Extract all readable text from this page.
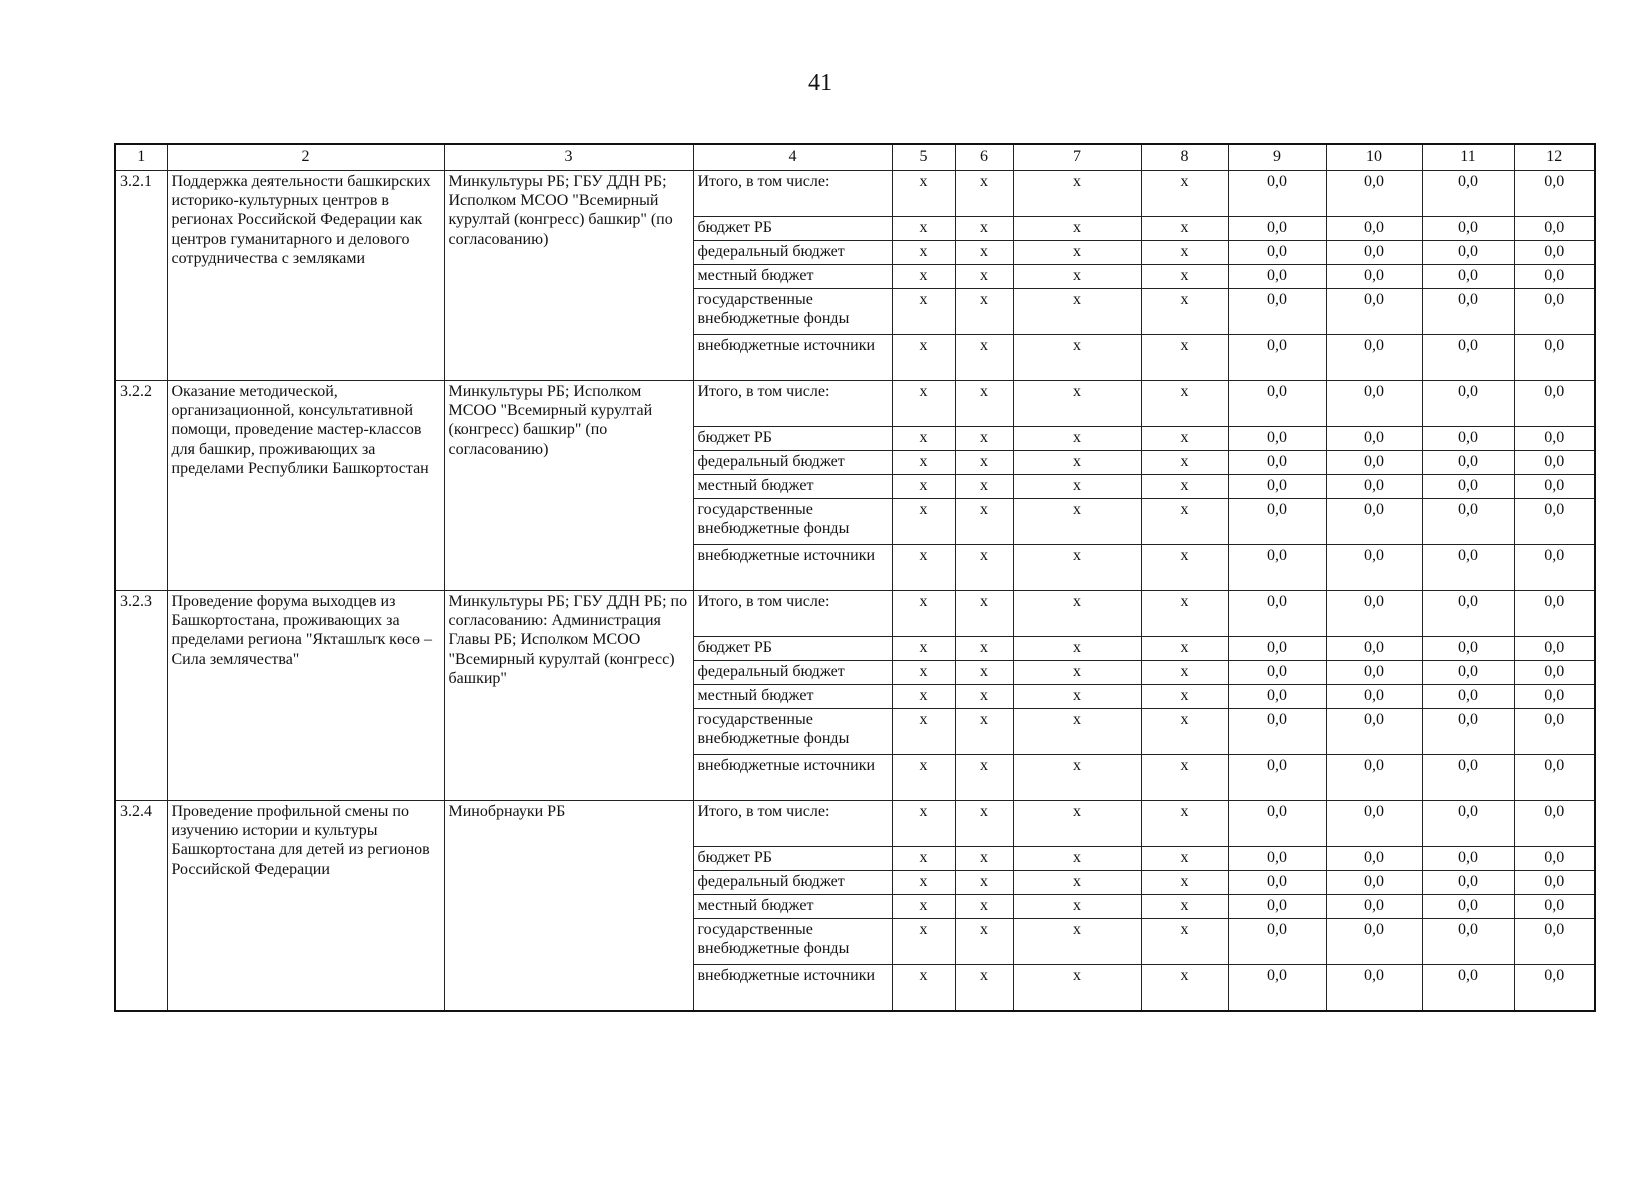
41
1	2	3	4	5	6	7	8	9	10	11	12
3.2.1	Поддержка деятельности башкирских историко-культурных центров в регионах Российской Федерации как центров гуманитарного и делового сотрудничества с земляками	Минкультуры РБ; ГБУ ДДН РБ; Исполком МСОО "Всемирный курултай (конгресс) башкир" (по согласованию)	Итого, в том числе:	x	x	x	x	0,0	0,0	0,0	0,0
			бюджет РБ	x	x	x	x	0,0	0,0	0,0	0,0
			федеральный бюджет	x	x	x	x	0,0	0,0	0,0	0,0
			местный бюджет	x	x	x	x	0,0	0,0	0,0	0,0
			государственные внебюджетные фонды	x	x	x	x	0,0	0,0	0,0	0,0
			внебюджетные источники	x	x	x	x	0,0	0,0	0,0	0,0
3.2.2	Оказание методической, организационной, консультативной помощи, проведение мастер-классов для башкир, проживающих за пределами Республики Башкортостан	Минкультуры РБ; Исполком МСОО "Всемирный курултай (конгресс) башкир" (по согласованию)	Итого, в том числе:	x	x	x	x	0,0	0,0	0,0	0,0
			бюджет РБ	x	x	x	x	0,0	0,0	0,0	0,0
			федеральный бюджет	x	x	x	x	0,0	0,0	0,0	0,0
			местный бюджет	x	x	x	x	0,0	0,0	0,0	0,0
			государственные внебюджетные фонды	x	x	x	x	0,0	0,0	0,0	0,0
			внебюджетные источники	x	x	x	x	0,0	0,0	0,0	0,0
3.2.3	Проведение форума выходцев из Башкортостана, проживающих за пределами региона "Якташлыҡ көсө – Сила землячества"	Минкультуры РБ; ГБУ ДДН РБ; по согласованию: Администрация Главы РБ; Исполком МСОО "Всемирный курултай (конгресс) башкир"	Итого, в том числе:	x	x	x	x	0,0	0,0	0,0	0,0
			бюджет РБ	x	x	x	x	0,0	0,0	0,0	0,0
			федеральный бюджет	x	x	x	x	0,0	0,0	0,0	0,0
			местный бюджет	x	x	x	x	0,0	0,0	0,0	0,0
			государственные внебюджетные фонды	x	x	x	x	0,0	0,0	0,0	0,0
			внебюджетные источники	x	x	x	x	0,0	0,0	0,0	0,0
3.2.4	Проведение профильной смены по изучению истории и культуры Башкортостана для детей из регионов Российской Федерации	Минобрнауки РБ	Итого, в том числе:	x	x	x	x	0,0	0,0	0,0	0,0
			бюджет РБ	x	x	x	x	0,0	0,0	0,0	0,0
			федеральный бюджет	x	x	x	x	0,0	0,0	0,0	0,0
			местный бюджет	x	x	x	x	0,0	0,0	0,0	0,0
			государственные внебюджетные фонды	x	x	x	x	0,0	0,0	0,0	0,0
			внебюджетные источники	x	x	x	x	0,0	0,0	0,0	0,0
